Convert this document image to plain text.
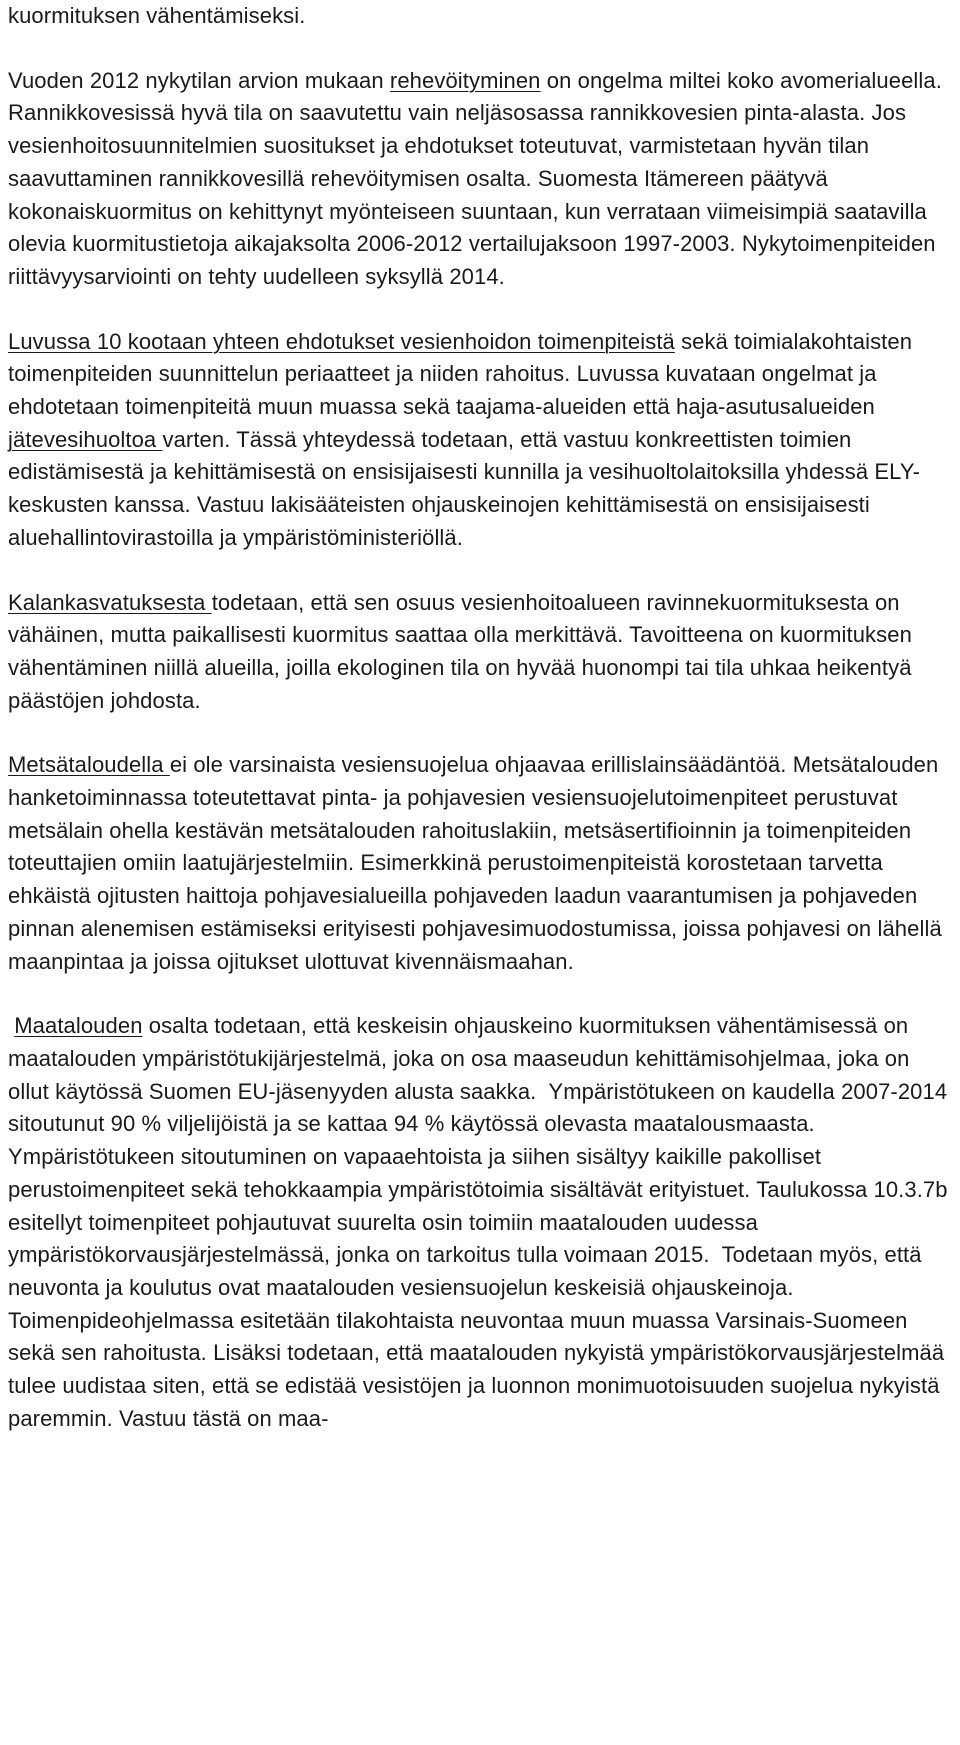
kuormituksen vähentämiseksi.

Vuoden 2012 nykytilan arvion mukaan rehevöityminen on ongelma miltei koko avomerialueella. Rannikkovesissä hyvä tila on saavutettu vain neljäsosassa rannikkovesien pinta-alasta. Jos vesienhoitosuunnitelmien suositukset ja ehdotukset toteutuvat, varmistetaan hyvän tilan saavuttaminen rannikkovesillä rehevöitymisen osalta. Suomesta Itämereen päätyvä kokonaiskuormitus on kehittynyt myönteiseen suuntaan, kun verrataan viimeisimpiä saatavilla olevia kuormitustietoja aikajaksolta 2006-2012 vertailujaksoon 1997-2003. Nykytoimenpiteiden riittävyysarviointi on tehty uudelleen syksyllä 2014.

Luvussa 10 kootaan yhteen ehdotukset vesienhoidon toimenpiteistä sekä toimialakohtaisten toimenpiteiden suunnittelun periaatteet ja niiden rahoitus. Luvussa kuvataan ongelmat ja ehdotetaan toimenpiteitä muun muassa sekä taajama-alueiden että haja-asutusalueiden jätevesihuoltoa varten. Tässä yhteydessä todetaan, että vastuu konkreettisten toimien edistämisestä ja kehittämisestä on ensisijaisesti kunnilla ja vesihuoltolaitoksilla yhdessä ELY-keskusten kanssa. Vastuu lakisääteisten ohjauskeinojen kehittämisestä on ensisijaisesti aluehallintovirastoilla ja ympäristöministeriöllä.

Kalankasvatuksesta todetaan, että sen osuus vesienhoitoalueen ravinnekuormituksesta on vähäinen, mutta paikallisesti kuormitus saattaa olla merkittävä. Tavoitteena on kuormituksen vähentäminen niillä alueilla, joilla ekologinen tila on hyvää huonompi tai tila uhkaa heikentyä päästöjen johdosta.

Metsätaloudella ei ole varsinaista vesiensuojelua ohjaavaa erillislainsäädäntöä. Metsätalouden hanketoiminnassa toteutettavat pinta- ja pohjavesien vesiensuojelutoimenpiteet perustuvat metsälain ohella kestävän metsätalouden rahoituslakiin, metsäsertifioinnin ja toimenpiteiden toteuttajien omiin laatujärjestelmiin. Esimerkkinä perustoimenpiteistä korostetaan tarvetta ehkäistä ojitusten haittoja pohjavesialueilla pohjaveden laadun vaarantumisen ja pohjaveden pinnan alenemisen estämiseksi erityisesti pohjavesimuodostumissa, joissa pohjavesi on lähellä maanpintaa ja joissa ojitukset ulottuvat kivennäismaahan.

Maatalouden osalta todetaan, että keskeisin ohjauskeino kuormituksen vähentämisessä on maatalouden ympäristötukijärjestelmä, joka on osa maaseudun kehittämisohjelmaa, joka on ollut käytössä Suomen EU-jäsenyyden alusta saakka.  Ympäristötukeen on kaudella 2007-2014 sitoutunut 90 % viljelijöistä ja se kattaa 94 % käytössä olevasta maatalousmaasta. Ympäristötukeen sitoutuminen on vapaaehtoista ja siihen sisältyy kaikille pakolliset perustoimenpiteet sekä tehokkaampia ympäristötoimia sisältävät erityistuet. Taulukossa 10.3.7b esitellyt toimenpiteet pohjautuvat suurelta osin toimiin maatalouden uudessa ympäristökorvausjärjestelmässä, jonka on tarkoitus tulla voimaan 2015.  Todetaan myös, että neuvonta ja koulutus ovat maatalouden vesiensuojelun keskeisiä ohjauskeinoja. Toimenpideohjelmassa esitetään tilakohtaista neuvontaa muun muassa Varsinais-Suomeen sekä sen rahoitusta. Lisäksi todetaan, että maatalouden nykyistä ympäristökorvausjärjestelmää tulee uudistaa siten, että se edistää vesistöjen ja luonnon monimuotoisuuden suojelua nykyistä paremmin. Vastuu tästä on maa-
